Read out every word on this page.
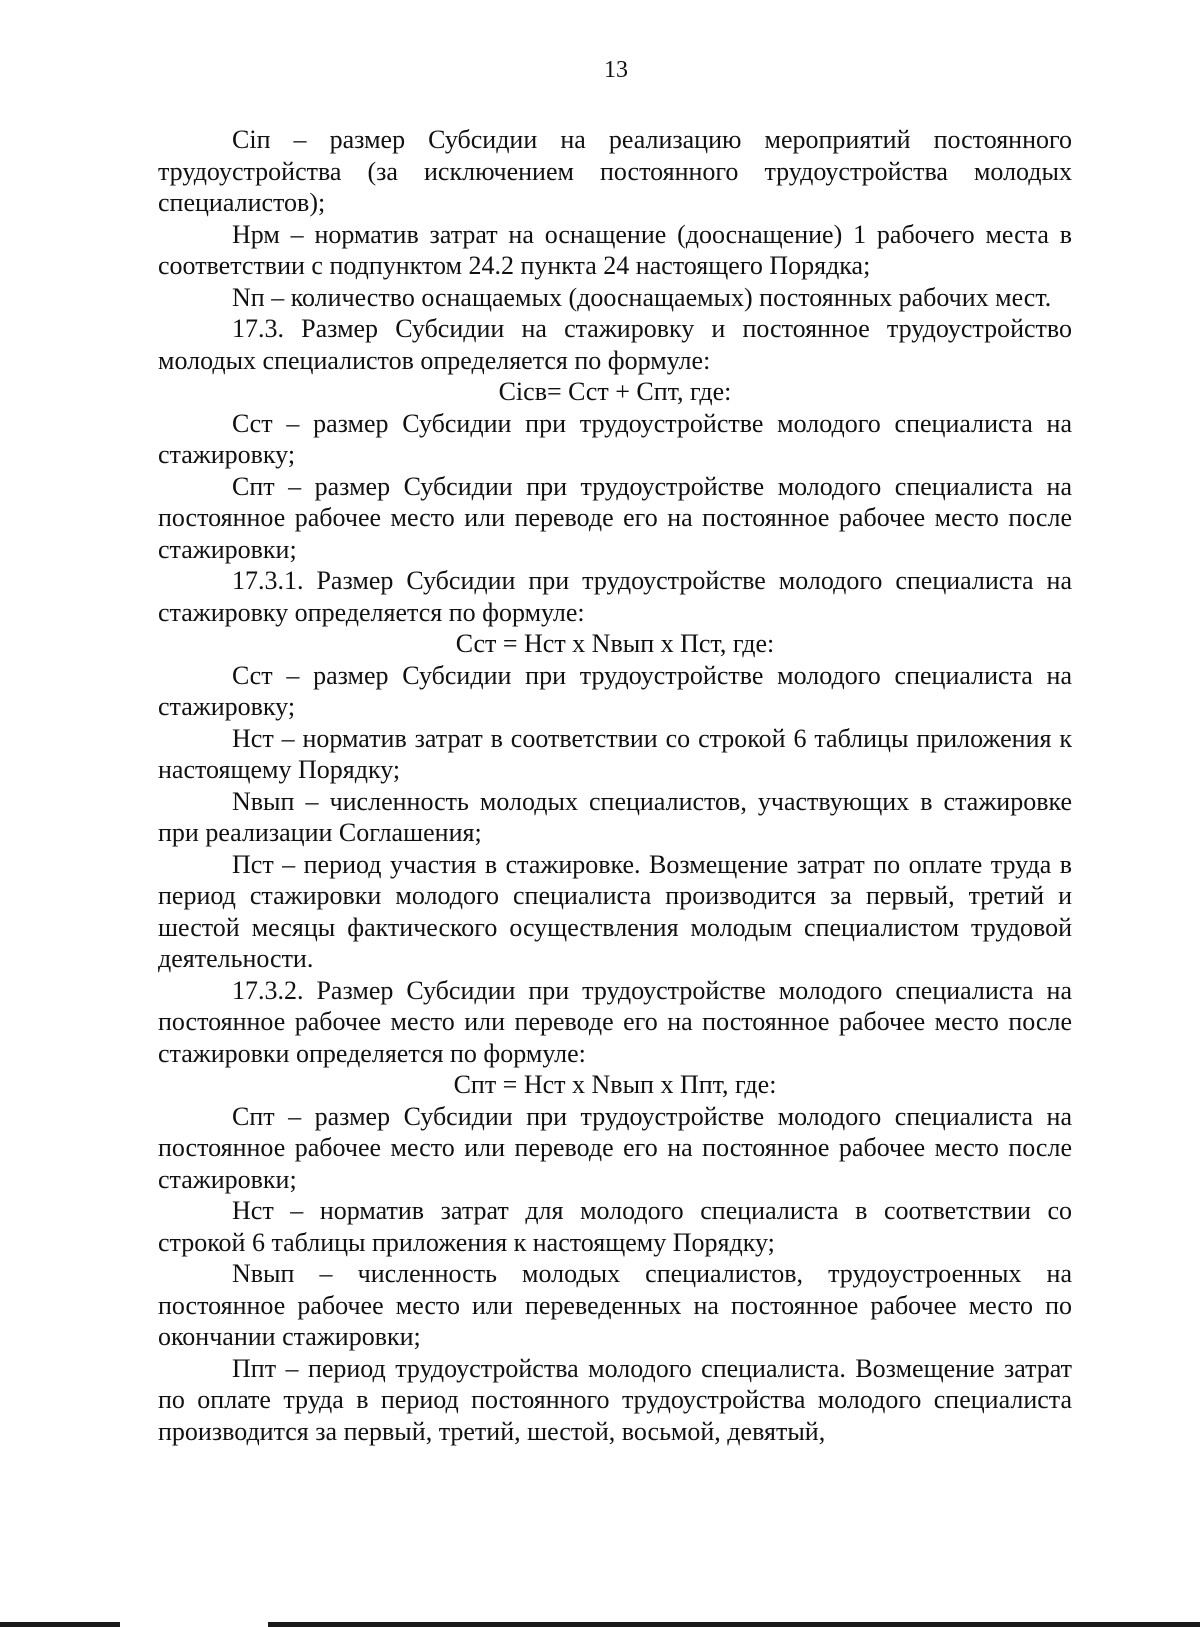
13

Сiп – размер Субсидии на реализацию мероприятий постоянного трудоустройства (за исключением постоянного трудоустройства молодых специалистов);

Нрм – норматив затрат на оснащение (дооснащение) 1 рабочего места в соответствии с подпунктом 24.2 пункта 24 настоящего Порядка;

Nп – количество оснащаемых (дооснащаемых) постоянных рабочих мест.

17.3. Размер Субсидии на стажировку и постоянное трудоустройство молодых специалистов определяется по формуле:

Сiсв= Сст + Спт, где:

Сст – размер Субсидии при трудоустройстве молодого специалиста на стажировку;

Спт – размер Субсидии при трудоустройстве молодого специалиста на постоянное рабочее место или переводе его на постоянное рабочее место после стажировки;

17.3.1. Размер Субсидии при трудоустройстве молодого специалиста на стажировку определяется по формуле:

Сст = Нст x Nвып x Пст, где:

Сст – размер Субсидии при трудоустройстве молодого специалиста на стажировку;

Нст – норматив затрат в соответствии со строкой 6 таблицы приложения к настоящему Порядку;

Nвып – численность молодых специалистов, участвующих в стажировке при реализации Соглашения;

Пст – период участия в стажировке. Возмещение затрат по оплате труда в период стажировки молодого специалиста производится за первый, третий и шестой месяцы фактического осуществления молодым специалистом трудовой деятельности.

17.3.2. Размер Субсидии при трудоустройстве молодого специалиста на постоянное рабочее место или переводе его на постоянное рабочее место после стажировки определяется по формуле:

Спт = Нст x Nвып x Ппт, где:

Спт – размер Субсидии при трудоустройстве молодого специалиста на постоянное рабочее место или переводе его на постоянное рабочее место после стажировки;

Нст – норматив затрат для молодого специалиста в соответствии со строкой 6 таблицы приложения к настоящему Порядку;

Nвып – численность молодых специалистов, трудоустроенных на постоянное рабочее место или переведенных на постоянное рабочее место по окончании стажировки;

Ппт – период трудоустройства молодого специалиста. Возмещение затрат по оплате труда в период постоянного трудоустройства молодого специалиста производится за первый, третий, шестой, восьмой, девятый,
